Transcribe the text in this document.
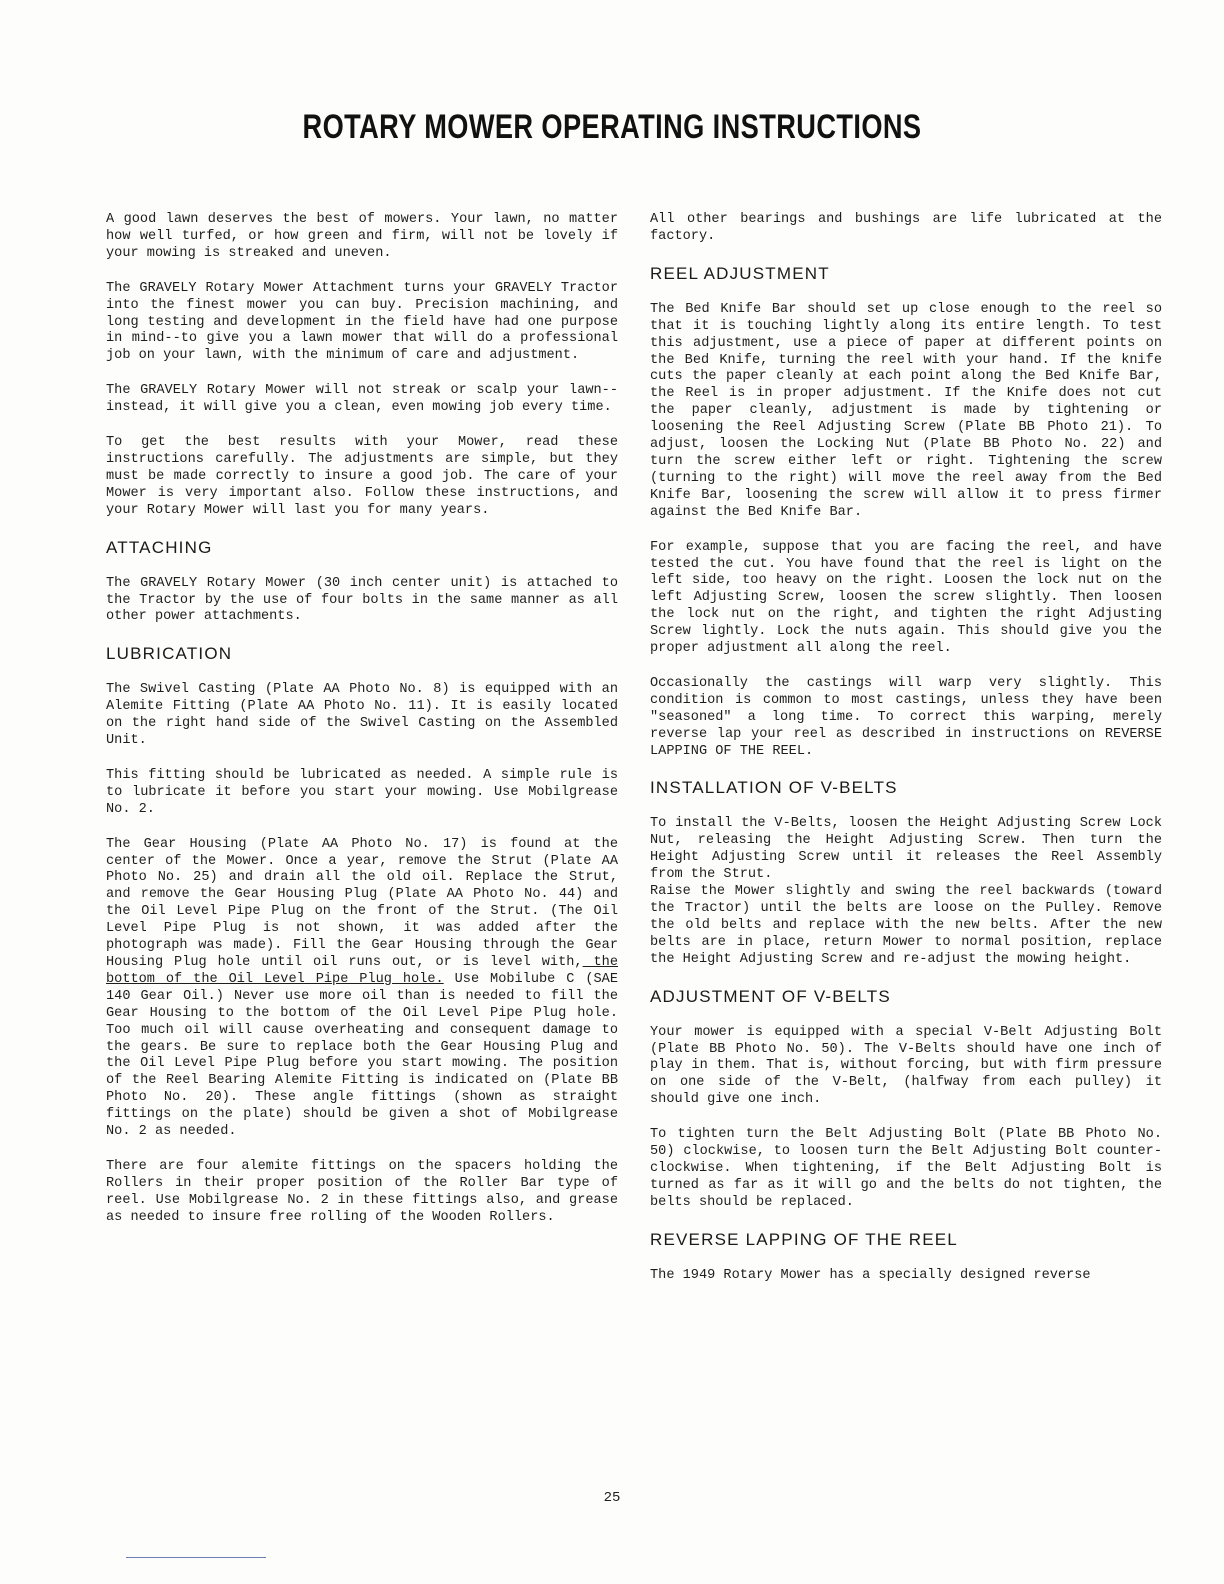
ROTARY MOWER OPERATING INSTRUCTIONS

A good lawn deserves the best of mowers. Your lawn, no matter how well turfed, or how green and firm, will not be lovely if your mowing is streaked and uneven.

The GRAVELY Rotary Mower Attachment turns your GRAVELY Tractor into the finest mower you can buy. Precision machining, and long testing and development in the field have had one purpose in mind--to give you a lawn mower that will do a professional job on your lawn, with the minimum of care and adjustment.

The GRAVELY Rotary Mower will not streak or scalp your lawn--instead, it will give you a clean, even mowing job every time.

To get the best results with your Mower, read these instructions carefully. The adjustments are simple, but they must be made correctly to insure a good job. The care of your Mower is very important also. Follow these instructions, and your Rotary Mower will last you for many years.

ATTACHING

The GRAVELY Rotary Mower (30 inch center unit) is attached to the Tractor by the use of four bolts in the same manner as all other power attachments.

LUBRICATION

The Swivel Casting (Plate AA Photo No. 8) is equipped with an Alemite Fitting (Plate AA Photo No. 11). It is easily located on the right hand side of the Swivel Casting on the Assembled Unit.

This fitting should be lubricated as needed. A simple rule is to lubricate it before you start your mowing. Use Mobilgrease No. 2.

The Gear Housing (Plate AA Photo No. 17) is found at the center of the Mower. Once a year, remove the Strut (Plate AA Photo No. 25) and drain all the old oil. Replace the Strut, and remove the Gear Housing Plug (Plate AA Photo No. 44) and the Oil Level Pipe Plug on the front of the Strut. (The Oil Level Pipe Plug is not shown, it was added after the photograph was made). Fill the Gear Housing through the Gear Housing Plug hole until oil runs out, or is level with, the bottom of the Oil Level Pipe Plug hole. Use Mobilube C (SAE 140 Gear Oil.) Never use more oil than is needed to fill the Gear Housing to the bottom of the Oil Level Pipe Plug hole. Too much oil will cause overheating and consequent damage to the gears. Be sure to replace both the Gear Housing Plug and the Oil Level Pipe Plug before you start mowing. The position of the Reel Bearing Alemite Fitting is indicated on (Plate BB Photo No. 20). These angle fittings (shown as straight fittings on the plate) should be given a shot of Mobilgrease No. 2 as needed.

There are four alemite fittings on the spacers holding the Rollers in their proper position of the Roller Bar type of reel. Use Mobilgrease No. 2 in these fittings also, and grease as needed to insure free rolling of the Wooden Rollers.

All other bearings and bushings are life lubricated at the factory.

REEL ADJUSTMENT

The Bed Knife Bar should set up close enough to the reel so that it is touching lightly along its entire length. To test this adjustment, use a piece of paper at different points on the Bed Knife, turning the reel with your hand. If the knife cuts the paper cleanly at each point along the Bed Knife Bar, the Reel is in proper adjustment. If the Knife does not cut the paper cleanly, adjustment is made by tightening or loosening the Reel Adjusting Screw (Plate BB Photo 21). To adjust, loosen the Locking Nut (Plate BB Photo No. 22) and turn the screw either left or right. Tightening the screw (turning to the right) will move the reel away from the Bed Knife Bar, loosening the screw will allow it to press firmer against the Bed Knife Bar.

For example, suppose that you are facing the reel, and have tested the cut. You have found that the reel is light on the left side, too heavy on the right. Loosen the lock nut on the left Adjusting Screw, loosen the screw slightly. Then loosen the lock nut on the right, and tighten the right Adjusting Screw lightly. Lock the nuts again. This should give you the proper adjustment all along the reel.

Occasionally the castings will warp very slightly. This condition is common to most castings, unless they have been "seasoned" a long time. To correct this warping, merely reverse lap your reel as described in instructions on REVERSE LAPPING OF THE REEL.

INSTALLATION OF V-BELTS

To install the V-Belts, loosen the Height Adjusting Screw Lock Nut, releasing the Height Adjusting Screw. Then turn the Height Adjusting Screw until it releases the Reel Assembly from the Strut.
Raise the Mower slightly and swing the reel backwards (toward the Tractor) until the belts are loose on the Pulley. Remove the old belts and replace with the new belts. After the new belts are in place, return Mower to normal position, replace the Height Adjusting Screw and re-adjust the mowing height.

ADJUSTMENT OF V-BELTS

Your mower is equipped with a special V-Belt Adjusting Bolt (Plate BB Photo No. 50). The V-Belts should have one inch of play in them. That is, without forcing, but with firm pressure on one side of the V-Belt, (halfway from each pulley) it should give one inch.

To tighten turn the Belt Adjusting Bolt (Plate BB Photo No. 50) clockwise, to loosen turn the Belt Adjusting Bolt counter-clockwise. When tightening, if the Belt Adjusting Bolt is turned as far as it will go and the belts do not tighten, the belts should be replaced.

REVERSE LAPPING OF THE REEL

The 1949 Rotary Mower has a specially designed reverse

25
